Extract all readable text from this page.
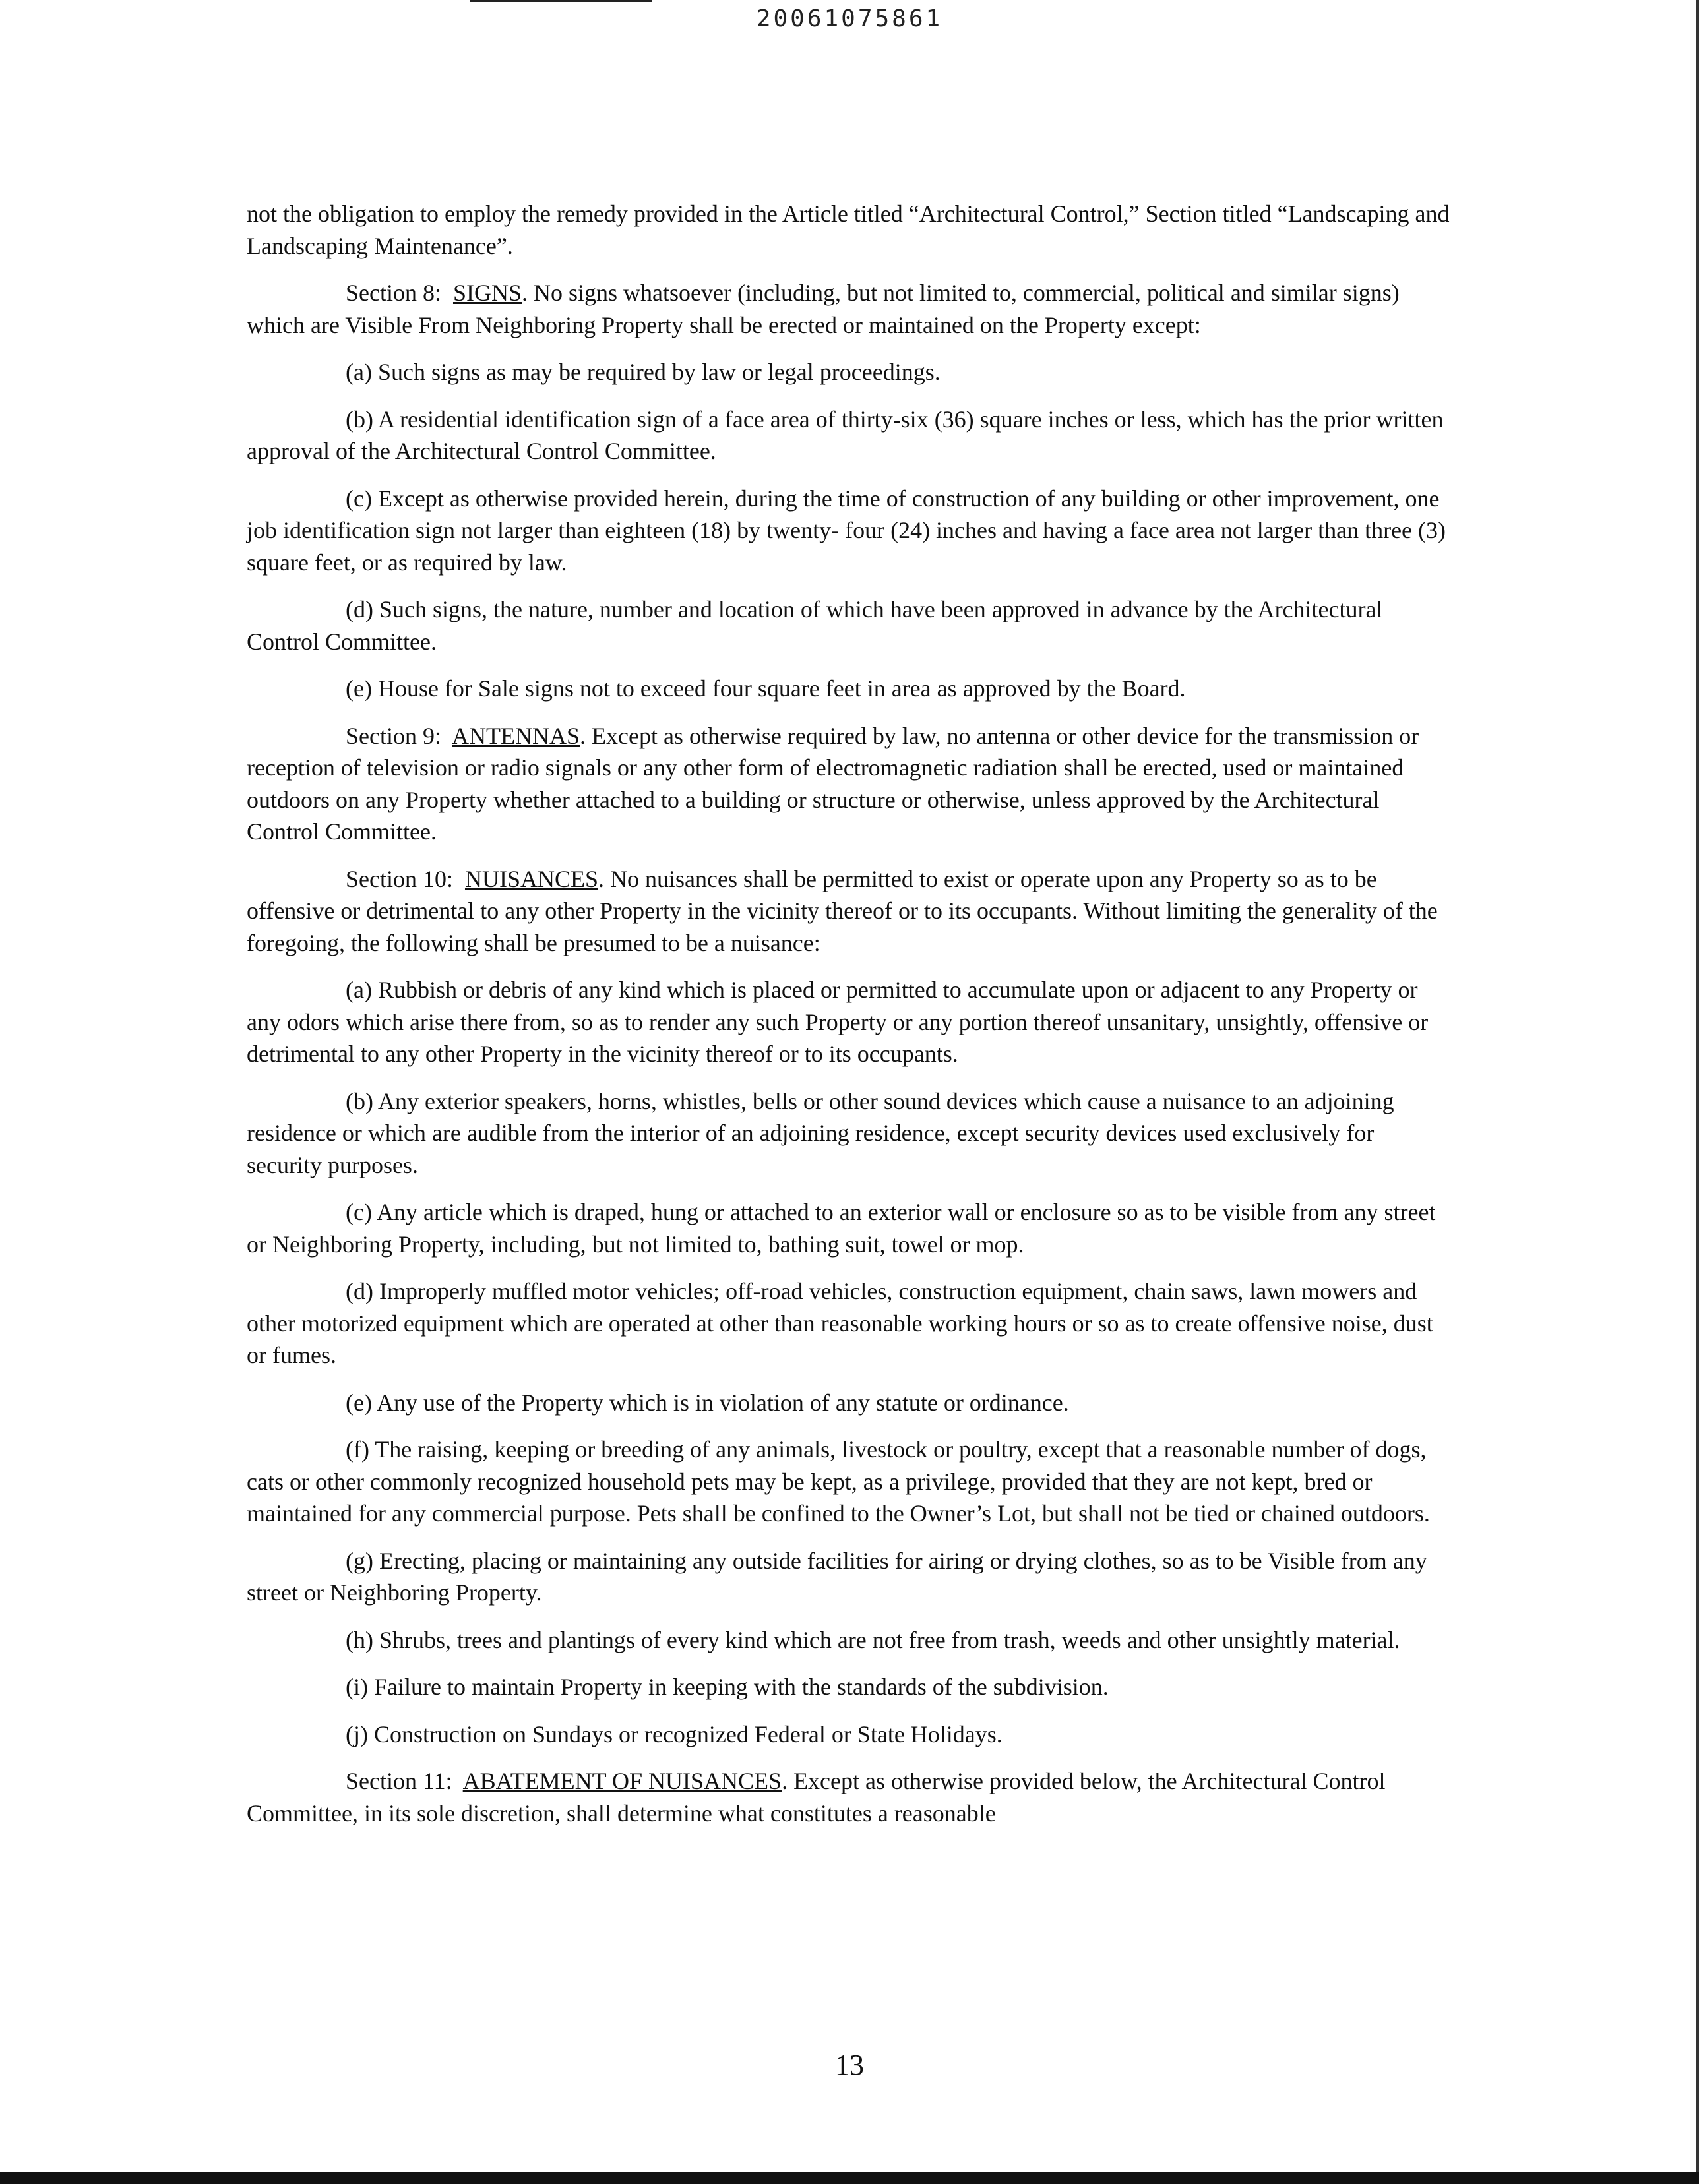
20061075861

not the obligation to employ the remedy provided in the Article titled “Architectural Control,” Section titled “Landscaping and Landscaping Maintenance”.

Section 8: SIGNS. No signs whatsoever (including, but not limited to, commercial, political and similar signs) which are Visible From Neighboring Property shall be erected or maintained on the Property except:

(a) Such signs as may be required by law or legal proceedings.

(b) A residential identification sign of a face area of thirty-six (36) square inches or less, which has the prior written approval of the Architectural Control Committee.

(c) Except as otherwise provided herein, during the time of construction of any building or other improvement, one job identification sign not larger than eighteen (18) by twenty- four (24) inches and having a face area not larger than three (3) square feet, or as required by law.

(d) Such signs, the nature, number and location of which have been approved in advance by the Architectural Control Committee.

(e) House for Sale signs not to exceed four square feet in area as approved by the Board.

Section 9: ANTENNAS. Except as otherwise required by law, no antenna or other device for the transmission or reception of television or radio signals or any other form of electromagnetic radiation shall be erected, used or maintained outdoors on any Property whether attached to a building or structure or otherwise, unless approved by the Architectural Control Committee.

Section 10: NUISANCES. No nuisances shall be permitted to exist or operate upon any Property so as to be offensive or detrimental to any other Property in the vicinity thereof or to its occupants. Without limiting the generality of the foregoing, the following shall be presumed to be a nuisance:

(a) Rubbish or debris of any kind which is placed or permitted to accumulate upon or adjacent to any Property or any odors which arise there from, so as to render any such Property or any portion thereof unsanitary, unsightly, offensive or detrimental to any other Property in the vicinity thereof or to its occupants.

(b) Any exterior speakers, horns, whistles, bells or other sound devices which cause a nuisance to an adjoining residence or which are audible from the interior of an adjoining residence, except security devices used exclusively for security purposes.

(c) Any article which is draped, hung or attached to an exterior wall or enclosure so as to be visible from any street or Neighboring Property, including, but not limited to, bathing suit, towel or mop.

(d) Improperly muffled motor vehicles; off-road vehicles, construction equipment, chain saws, lawn mowers and other motorized equipment which are operated at other than reasonable working hours or so as to create offensive noise, dust or fumes.

(e) Any use of the Property which is in violation of any statute or ordinance.

(f) The raising, keeping or breeding of any animals, livestock or poultry, except that a reasonable number of dogs, cats or other commonly recognized household pets may be kept, as a privilege, provided that they are not kept, bred or maintained for any commercial purpose. Pets shall be confined to the Owner’s Lot, but shall not be tied or chained outdoors.

(g) Erecting, placing or maintaining any outside facilities for airing or drying clothes, so as to be Visible from any street or Neighboring Property.

(h) Shrubs, trees and plantings of every kind which are not free from trash, weeds and other unsightly material.

(i) Failure to maintain Property in keeping with the standards of the subdivision.

(j) Construction on Sundays or recognized Federal or State Holidays.

Section 11: ABATEMENT OF NUISANCES. Except as otherwise provided below, the Architectural Control Committee, in its sole discretion, shall determine what constitutes a reasonable

13
